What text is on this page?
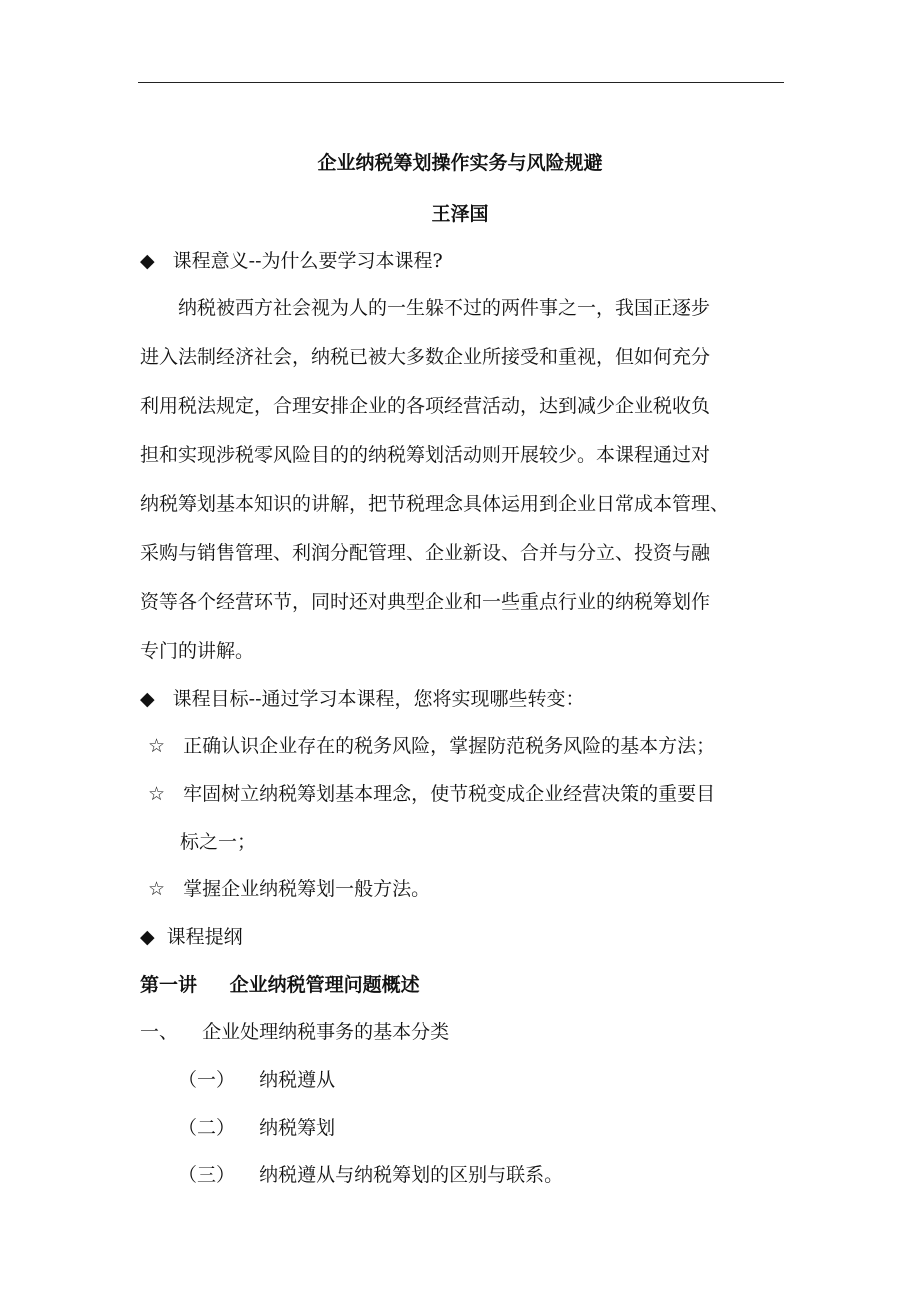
企业纳税筹划操作实务与风险规避
王泽国
◆ 课程意义--为什么要学习本课程?
纳税被西方社会视为人的一生躲不过的两件事之一，我国正逐步
进入法制经济社会，纳税已被大多数企业所接受和重视，但如何充分
利用税法规定，合理安排企业的各项经营活动，达到减少企业税收负
担和实现涉税零风险目的的纳税筹划活动则开展较少。本课程通过对
纳税筹划基本知识的讲解，把节税理念具体运用到企业日常成本管理、
采购与销售管理、利润分配管理、企业新设、合并与分立、投资与融
资等各个经营环节，同时还对典型企业和一些重点行业的纳税筹划作
专门的讲解。
◆ 课程目标--通过学习本课程，您将实现哪些转变：
☆ 正确认识企业存在的税务风险，掌握防范税务风险的基本方法；
☆ 牢固树立纳税筹划基本理念，使节税变成企业经营决策的重要目
标之一；
☆ 掌握企业纳税筹划一般方法。
◆ 课程提纲
第一讲 企业纳税管理问题概述
一、 企业处理纳税事务的基本分类
（一） 纳税遵从
（二） 纳税筹划
（三） 纳税遵从与纳税筹划的区别与联系。
